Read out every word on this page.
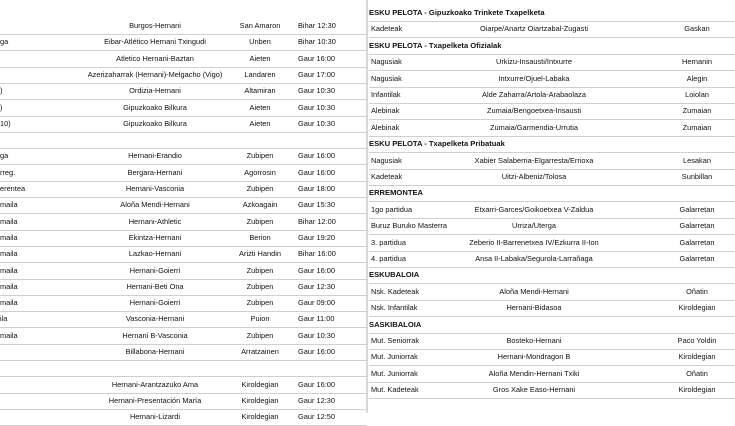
Burgos-Hernani	San Amaron	Bihar 12:30
ga	Eibar-Atlético Hernani Txingudi	Unben	Bihar 10:30
Atletico Hernani-Baztan	Aieten	Gaur 16:00
Azerizaharrak (Hernani)-Melgacho (Vigo)	Landaren	Gaur 17:00
)	Ordizia-Hernani	Altamiran	Gaur 10:30
)	Gipuzkoako Bilkura	Aieten	Gaur 10:30
10)	Gipuzkoako Bilkura	Aieten	Gaur 10:30
ga	Hernani-Erandio	Zubipen	Gaur 16:00
rreg.	Bergara-Hernani	Agorrosin	Gaur 16:00
erentea	Hernani-Vasconia	Zubipen	Gaur 18:00
maila	Aloña Mendi-Hernani	Azkoagain	Gaur 15:30
maila	Hernani-Athletic	Zubipen	Bihar 12:00
maila	Ekintza-Hernani	Berion	Gaur 19:20
maila	Lazkao-Hernani	Arizti Handin	Bihar 16:00
maila	Hernani-Goierri	Zubipen	Gaur 16:00
maila	Hernani-Beti Ona	Zubipen	Gaur 12:30
maila	Hernani-Goierri	Zubipen	Gaur 09:00
ila	Vasconia-Hernani	Puion	Gaur 11:00
maila	Hernani B-Vasconia	Zubipen	Gaur 10:30
Billabona-Hernani	Arratzainen	Gaur 16:00
Hernani-Arantzazuko Ama	Kiroldegian	Gaur 16:00
Hernani-Presentación María	Kiroldegian	Gaur 12:30
Hernani-Lizardi	Kiroldegian	Gaur 12:50
ESKU PELOTA - Gipuzkoako Trinkete Txapelketa
Kadeteak	Oiarpe/Anartz Oiartzabal-Zugasti	Gaskan
ESKU PELOTA - Txapelketa Ofizialak
Nagusiak	Urkizu-Insausti/Intxurre	Hernanin
Nagusiak	Intxurre/Ojuel-Labaka	Alegin
Infantilak	Alde Zaharra/Artola-Arabaolaza	Loiolan
Alebinak	Zumaia/Bengoetxea-Insausti	Zumaian
Alebinak	Zumaia/Garmendia-Urrutia	Zumaian
ESKU PELOTA - Txapelketa Pribatuak
Nagusiak	Xabier Salaberria-Elgarresta/Errioxa	Lesakan
Kadeteak	Uitzi-Albeniz/Tolosa	Sunbillan
ERREMONTEA
1go partidua	Etxarri-Garces/Goikoetxea V-Zaldua	Galarretan
Buruz Buruko Masterra	Urriza/Uterga	Galarretan
3. partidua	Zeberio II-Barrenetxea IV/Ezkurra II-Ion	Galarretan
4. partidua	Ansa II-Labaka/Segurola-Larrañaga	Galarretan
ESKUBALOIA
Nsk. Kadeteak	Aloña Mendi-Hernani	Oñatin
Nsk. Infantilak	Hernani-Bidasoa	Kiroldegian
SASKIBALOIA
Mut. Seniorrak	Bosteko-Hernani	Paco Yoldin
Mut. Juniorrak	Hernani-Mondragon B	Kiroldegian
Mut. Juniorrak	Aloña Mendin-Hernani Txiki	Oñatin
Mut. Kadeteak	Gros Xake Easo-Hernani	Kiroldegian
